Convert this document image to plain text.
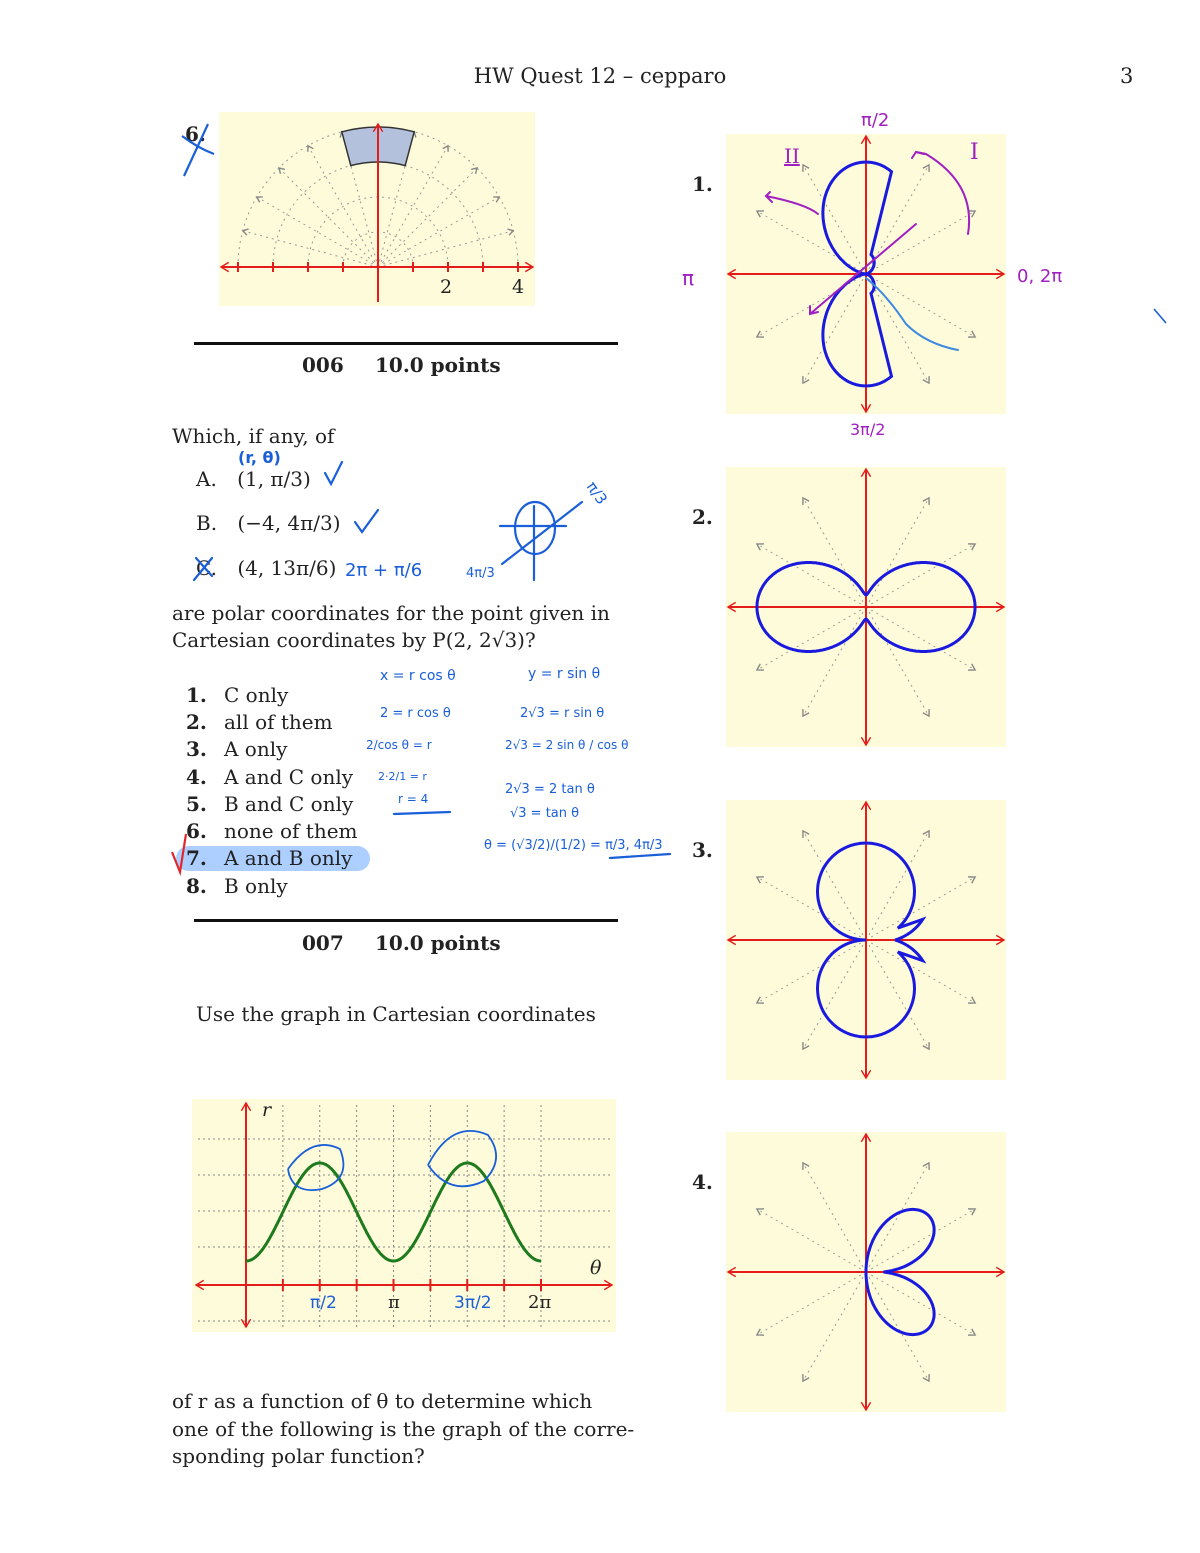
HW Quest 12 – cepparo	3
6.
2	4
006 10.0 points
Which, if any, of
A. (1, π/3)
B. (−4, 4π/3)
C. (4, 13π/6)
are polar coordinates for the point given in
Cartesian coordinates by P(2, 2√3)?
1. C only
2. all of them
3. A only
4. A and C only
5. B and C only
6. none of them
7. A and B only
8. B only
(r, θ)
π/3
4π/3
2π + π/6
x = r cos θ	y = r sin θ
2 = r cos θ	2√3 = r sin θ
2/cos θ = r	2√3 = 2 sin θ / cos θ
2·2/1 = r
r = 4
2√3 = 2 tan θ
√3 = tan θ
θ = (√3/2)/(1/2) = π/3, 4π/3
007 10.0 points
Use the graph in Cartesian coordinates
r
θ
π	2π
π/2	3π/2
of r as a function of θ to determine which
one of the following is the graph of the corre-
sponding polar function?
1.
2.
3.
4.
π/2
π	0, 2π
3π/2
I
II
